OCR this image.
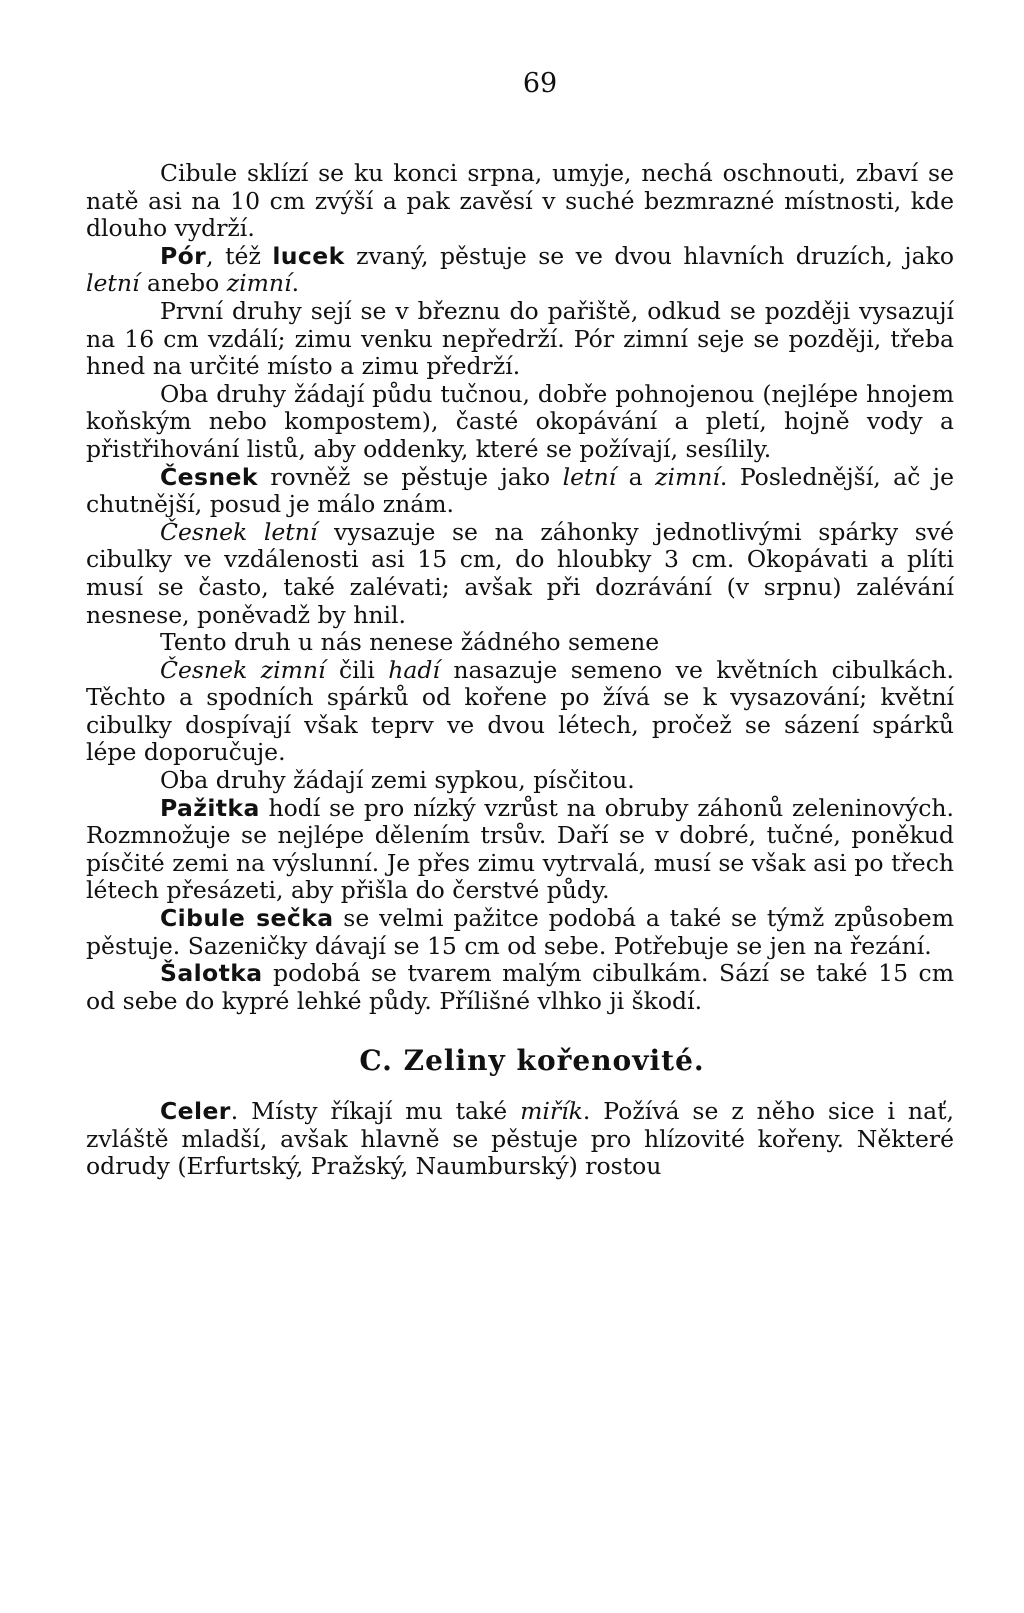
69

Cibule sklízí se ku konci srpna, umyje, nechá oschnouti, zbaví se natě asi na 10 cm zvýší a pak zavěsí v suché bezmrazné místnosti, kde dlouho vydrží.

Pór, též lucek zvaný, pěstuje se ve dvou hlavních druzích, jako letní anebo zimní.

První druhy sejí se v březnu do pařiště, odkud se později vysazují na 16 cm vzdálí; zimu venku nepředrží. Pór zimní seje se později, třeba hned na určité místo a zimu předrží.

Oba druhy žádají půdu tučnou, dobře pohnojenou (nejlépe hnojem koňským nebo kompostem), časté okopávání a pletí, hojně vody a přistřihování listů, aby oddenky, které se požívají, sesílily.

Česnek rovněž se pěstuje jako letní a zimní. Poslednější, ač je chutnější, posud je málo znám.

Česnek letní vysazuje se na záhonky jednotlivými spárky své cibulky ve vzdálenosti asi 15 cm, do hloubky 3 cm. Okopávati a plíti musí se často, také zalévati; avšak při dozrávání (v srpnu) zalévání nesnese, poněvadž by hnil.

Tento druh u nás nenese žádného semene

Česnek zimní čili hadí nasazuje semeno ve květních cibulkách. Těchto a spodních spárků od kořene po žívá se k vysazování; květní cibulky dospívají však teprv ve dvou létech, pročež se sázení spárků lépe doporučuje.

Oba druhy žádají zemi sypkou, písčitou.

Pažitka hodí se pro nízký vzrůst na obruby záhonů zeleninových. Rozmnožuje se nejlépe dělením trsův. Daří se v dobré, tučné, poněkud písčité zemi na výslunní. Je přes zimu vytrvalá, musí se však asi po třech létech přesázeti, aby přišla do čerstvé půdy.

Cibule sečka se velmi pažitce podobá a také se týmž způsobem pěstuje. Sazeničky dávají se 15 cm od sebe. Potřebuje se jen na řezání.

Šalotka podobá se tvarem malým cibulkám. Sází se také 15 cm od sebe do kypré lehké půdy. Přílišné vlhko ji škodí.

C. Zeliny kořenovité.

Celer. Místy říkají mu také miřík. Požívá se z něho sice i nať, zvláště mladší, avšak hlavně se pěstuje pro hlízovité kořeny. Některé odrudy (Erfurtský, Pražský, Naumburský) rostou
